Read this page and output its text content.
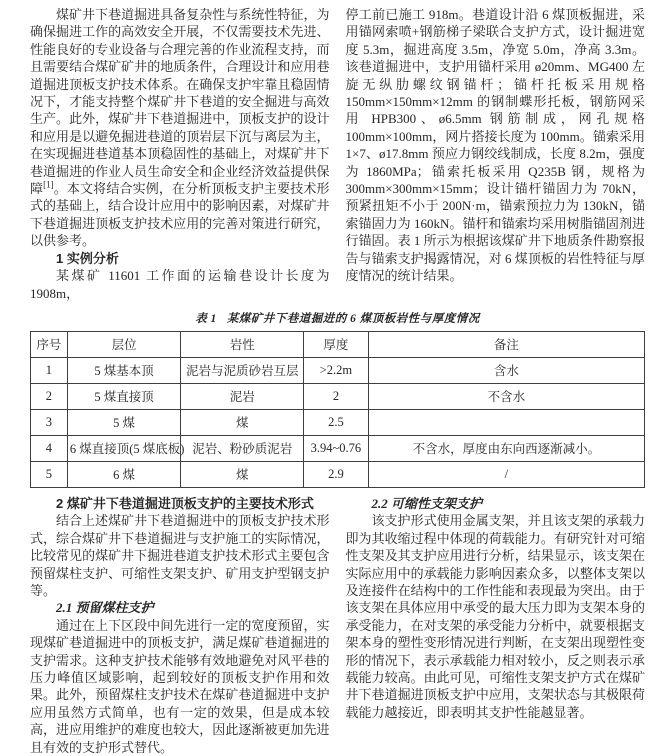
煤矿井下巷道掘进具备复杂性与系统性特征，为确保掘进工作的高效安全开展，不仅需要技术先进、性能良好的专业设备与合理完善的作业流程支持，而且需要结合煤矿矿井的地质条件，合理设计和应用巷道掘进顶板支护技术体系。在确保支护牢靠且稳固情况下，才能支持整个煤矿井下巷道的安全掘进与高效生产。此外，煤矿井下巷道掘进中，顶板支护的设计和应用是以避免掘进巷道的顶岩层下沉与离层为主，在实现掘进巷道基本顶稳固性的基础上，对煤矿井下巷道掘进的作业人员生命安全和企业经济效益提供保障[1]。本文将结合实例，在分析顶板支护主要技术形式的基础上，结合设计应用中的影响因素，对煤矿井下巷道掘进顶板支护技术应用的完善对策进行研究，以供参考。

1 实例分析

某煤矿 11601 工作面的运输巷设计长度为 1908m，

停工前已施工 918m。巷道设计沿 6 煤顶板掘进，采用锚网索喷+钢筋梯子梁联合支护方式，设计掘进宽度 5.3m，掘进高度 3.5m，净宽 5.0m，净高 3.3m。该巷道掘进中，支护用锚杆采用 ø20mm、MG400 左旋无纵肋螺纹钢锚杆；锚杆托板采用规格 150mm×150mm×12mm 的钢制蝶形托板，钢筋网采用 HPB300、ø6.5mm 钢筋制成，网孔规格 100mm×100mm，网片搭接长度为 100mm。锚索采用 1×7、ø17.8mm 预应力钢绞线制成，长度 8.2m，强度为 1860MPa；锚索托板采用 Q235B 钢，规格为 300mm×300mm×15mm；设计锚杆锚固力为 70kN，预紧扭矩不小于 200N·m，锚索预拉力为 130kN，锚索锚固力为 160kN。锚杆和锚索均采用树脂锚固剂进行锚固。表 1 所示为根据该煤矿井下地质条件勘察报告与锚索支护揭露情况，对 6 煤顶板的岩性特征与厚度情况的统计结果。

表 1 某煤矿井下巷道掘进的 6 煤顶板岩性与厚度情况
序号	层位	岩性	厚度	备注
1	5 煤基本顶	泥岩与泥质砂岩互层	>2.2m	含水
2	5 煤直接顶	泥岩	2	不含水
3	5 煤	煤	2.5	
4	6 煤直接顶(5 煤底板)	泥岩、粉砂质泥岩	3.94~0.76	不含水，厚度由东向西逐渐减小。
5	6 煤	煤	2.9	/

2 煤矿井下巷道掘进顶板支护的主要技术形式

结合上述煤矿井下巷道掘进中的顶板支护技术形式，综合煤矿井下巷道掘进与支护施工的实际情况，比较常见的煤矿井下掘进巷道支护技术形式主要包含预留煤柱支护、可缩性支架支护、矿用支护型钢支护等。

2.1 预留煤柱支护

通过在上下区段中间先进行一定的宽度预留，实现煤矿巷道掘进中的顶板支护，满足煤矿巷道掘进的支护需求。这种支护技术能够有效地避免对风平巷的压力峰值区域影响，起到较好的顶板支护作用和效果。此外，预留煤柱支护技术在煤矿巷道掘进中支护应用虽然方式简单，也有一定的效果，但是成本较高，进应用维护的难度也较大，因此逐渐被更加先进且有效的支护形式替代。

2.2 可缩性支架支护

该支护形式使用金属支架，并且该支架的承载力即为其收缩过程中体现的荷载能力。有研究针对可缩性支架及其支护应用进行分析，结果显示，该支架在实际应用中的承载能力影响因素众多，以整体支架以及连接件在结构中的工作性能和表现最为突出。由于该支架在具体应用中承受的最大压力即为支架本身的承受能力，在对支架的承受能力分析中，就要根据支架本身的塑性变形情况进行判断，在支架出现塑性变形的情况下，表示承载能力相对较小，反之则表示承载能力较高。由此可见，可缩性支架支护方式在煤矿井下巷道掘进顶板支护中应用，支架状态与其极限荷载能力越接近，即表明其支护性能越显著。
